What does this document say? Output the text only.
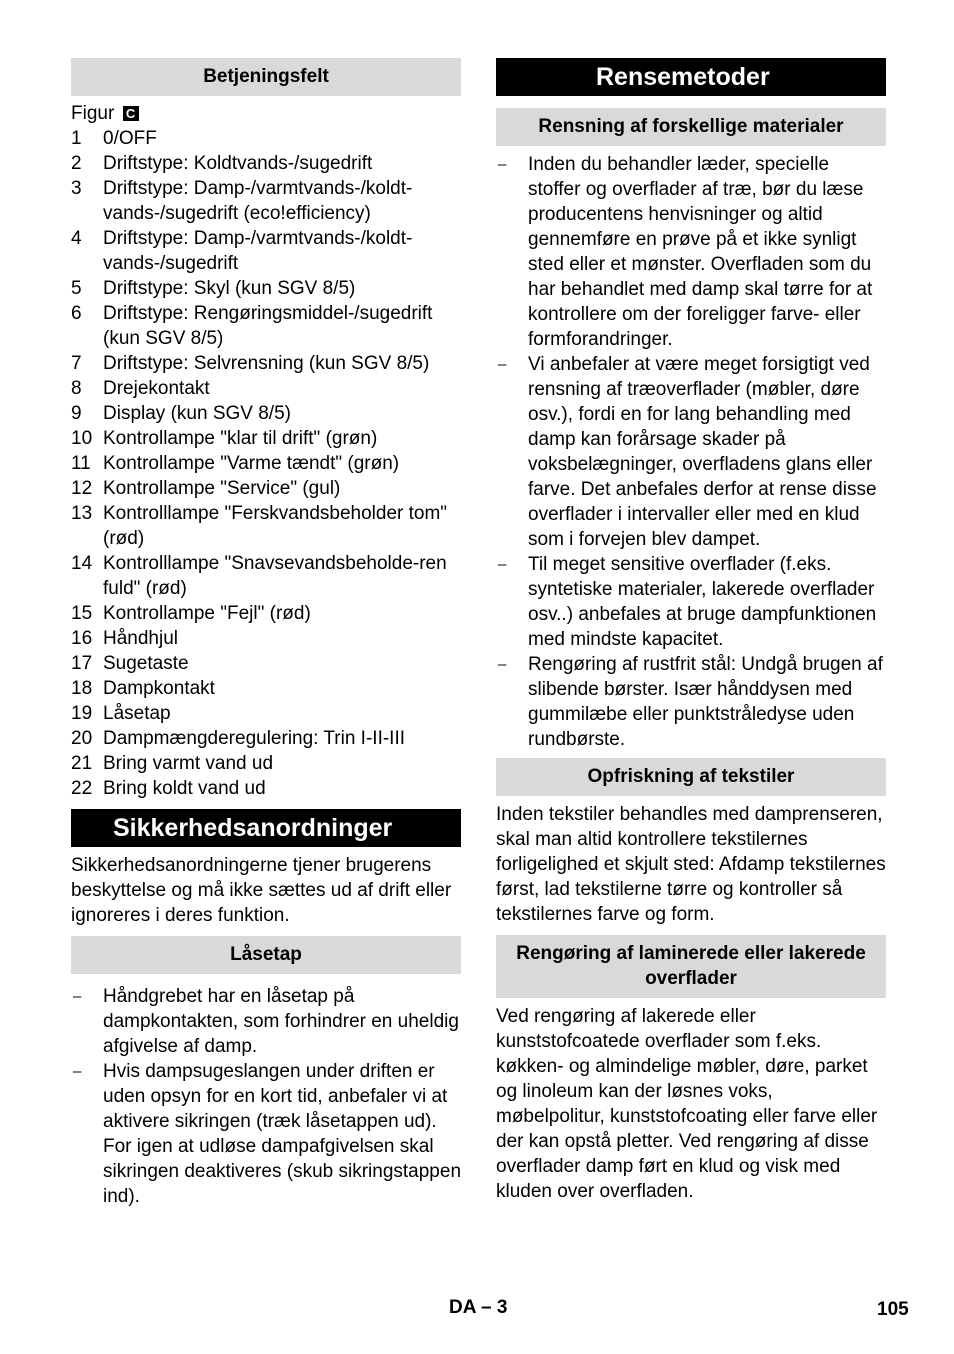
Betjeningsfelt
Figur C
1	0/OFF
2	Driftstype: Koldtvands-/sugedrift
3	Driftstype: Damp-/varmtvands-/koldt-vands-/sugedrift (eco!efficiency)
4	Driftstype: Damp-/varmtvands-/koldt-vands-/sugedrift
5	Driftstype: Skyl (kun SGV 8/5)
6	Driftstype: Rengøringsmiddel-/sugedrift (kun SGV 8/5)
7	Driftstype: Selvrensning (kun SGV 8/5)
8	Drejekontakt
9	Display (kun SGV 8/5)
10 Kontrollampe "klar til drift" (grøn)
11 Kontrollampe "Varme tændt" (grøn)
12 Kontrollampe "Service" (gul)
13 Kontrolllampe "Ferskvandsbeholder tom" (rød)
14 Kontrolllampe "Snavsevandsbeholde-ren fuld" (rød)
15 Kontrollampe "Fejl" (rød)
16 Håndhjul
17 Sugetaste
18 Dampkontakt
19 Låsetap
20 Dampmængderegulering: Trin I-II-III
21 Bring varmt vand ud
22 Bring koldt vand ud
Sikkerhedsanordninger
Sikkerhedsanordningerne tjener brugerens beskyttelse og må ikke sættes ud af drift eller ignoreres i deres funktion.
Låsetap
–	Håndgrebet har en låsetap på dampkontakten, som forhindrer en uheldig afgivelse af damp.
–	Hvis dampsugeslangen under driften er uden opsyn for en kort tid, anbefaler vi at aktivere sikringen (træk låsetappen ud). For igen at udløse dampafgivelsen skal sikringen deaktiveres (skub sikringstappen ind).
Rensemetoder
Rensning af forskellige materialer
–	Inden du behandler læder, specielle stoffer og overflader af træ, bør du læse producentens henvisninger og altid gennemføre en prøve på et ikke synligt sted eller et mønster. Overfladen som du har behandlet med damp skal tørre for at kontrollere om der foreligger farve- eller formforandringer.
–	Vi anbefaler at være meget forsigtigt ved rensning af træoverflader (møbler, døre osv.), fordi en for lang behandling med damp kan forårsage skader på voksbelægninger, overfladens glans eller farve. Det anbefales derfor at rense disse overflader i intervaller eller med en klud som i forvejen blev dampet.
–	Til meget sensitive overflader (f.eks. syntetiske materialer, lakerede overflader osv..) anbefales at bruge dampfunktionen med mindste kapacitet.
–	Rengøring af rustfrit stål: Undgå brugen af slibende børster. Især hånddysen med gummilæbe eller punktstråledyse uden rundbørste.
Opfriskning af tekstiler
Inden tekstiler behandles med damprenseren, skal man altid kontrollere tekstilernes forligelighed et skjult sted: Afdamp tekstilernes først, lad tekstilerne tørre og kontroller så tekstilernes farve og form.
Rengøring af laminerede eller lakerede overflader
Ved rengøring af lakerede eller kunststofcoatede overflader som f.eks. køkken- og almindelige møbler, døre, parket og linoleum kan der løsnes voks, møbelpolitur, kunststofcoating eller farve eller der kan opstå pletter. Ved rengøring af disse overflader damp ført en klud og visk med kluden over overfladen.
DA – 3	105
